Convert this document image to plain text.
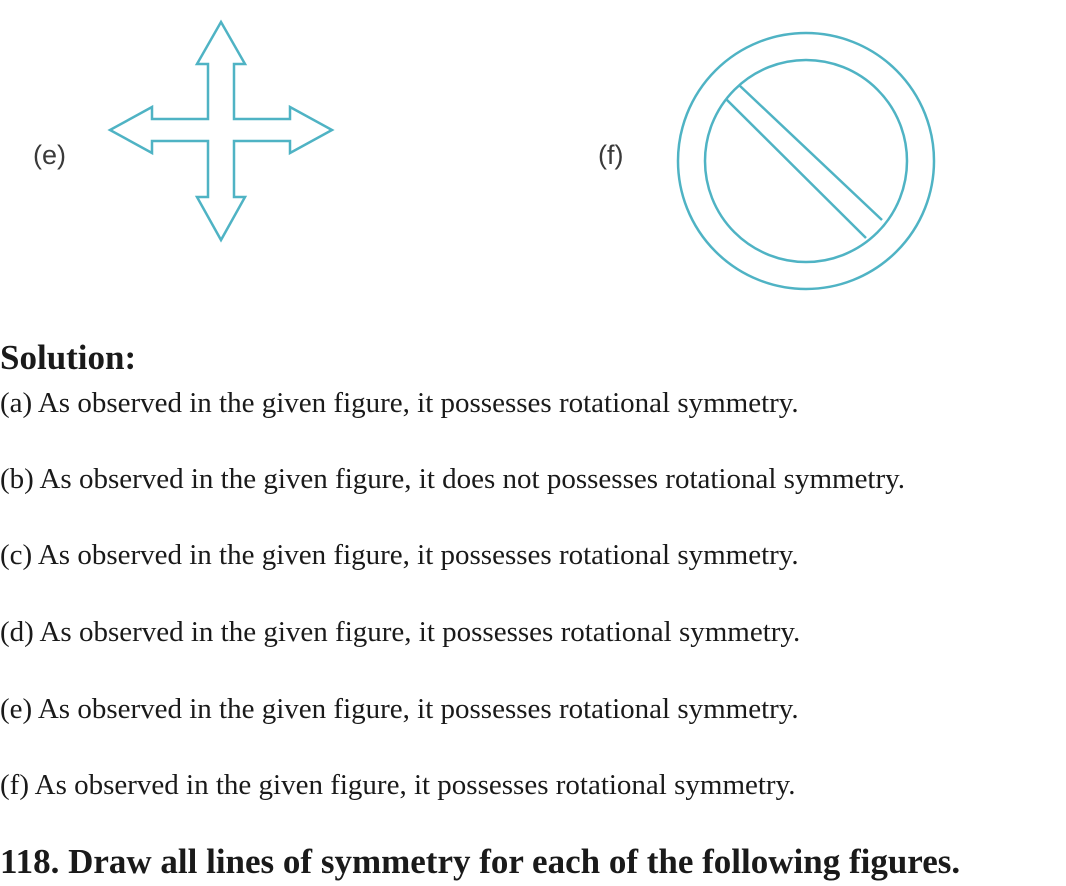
(e)	(f)
Solution:

(a) As observed in the given figure, it possesses rotational symmetry.

(b) As observed in the given figure, it does not possesses rotational symmetry.

(c) As observed in the given figure, it possesses rotational symmetry.

(d) As observed in the given figure, it possesses rotational symmetry.

(e) As observed in the given figure, it possesses rotational symmetry.

(f) As observed in the given figure, it possesses rotational symmetry.

118. Draw all lines of symmetry for each of the following figures.
